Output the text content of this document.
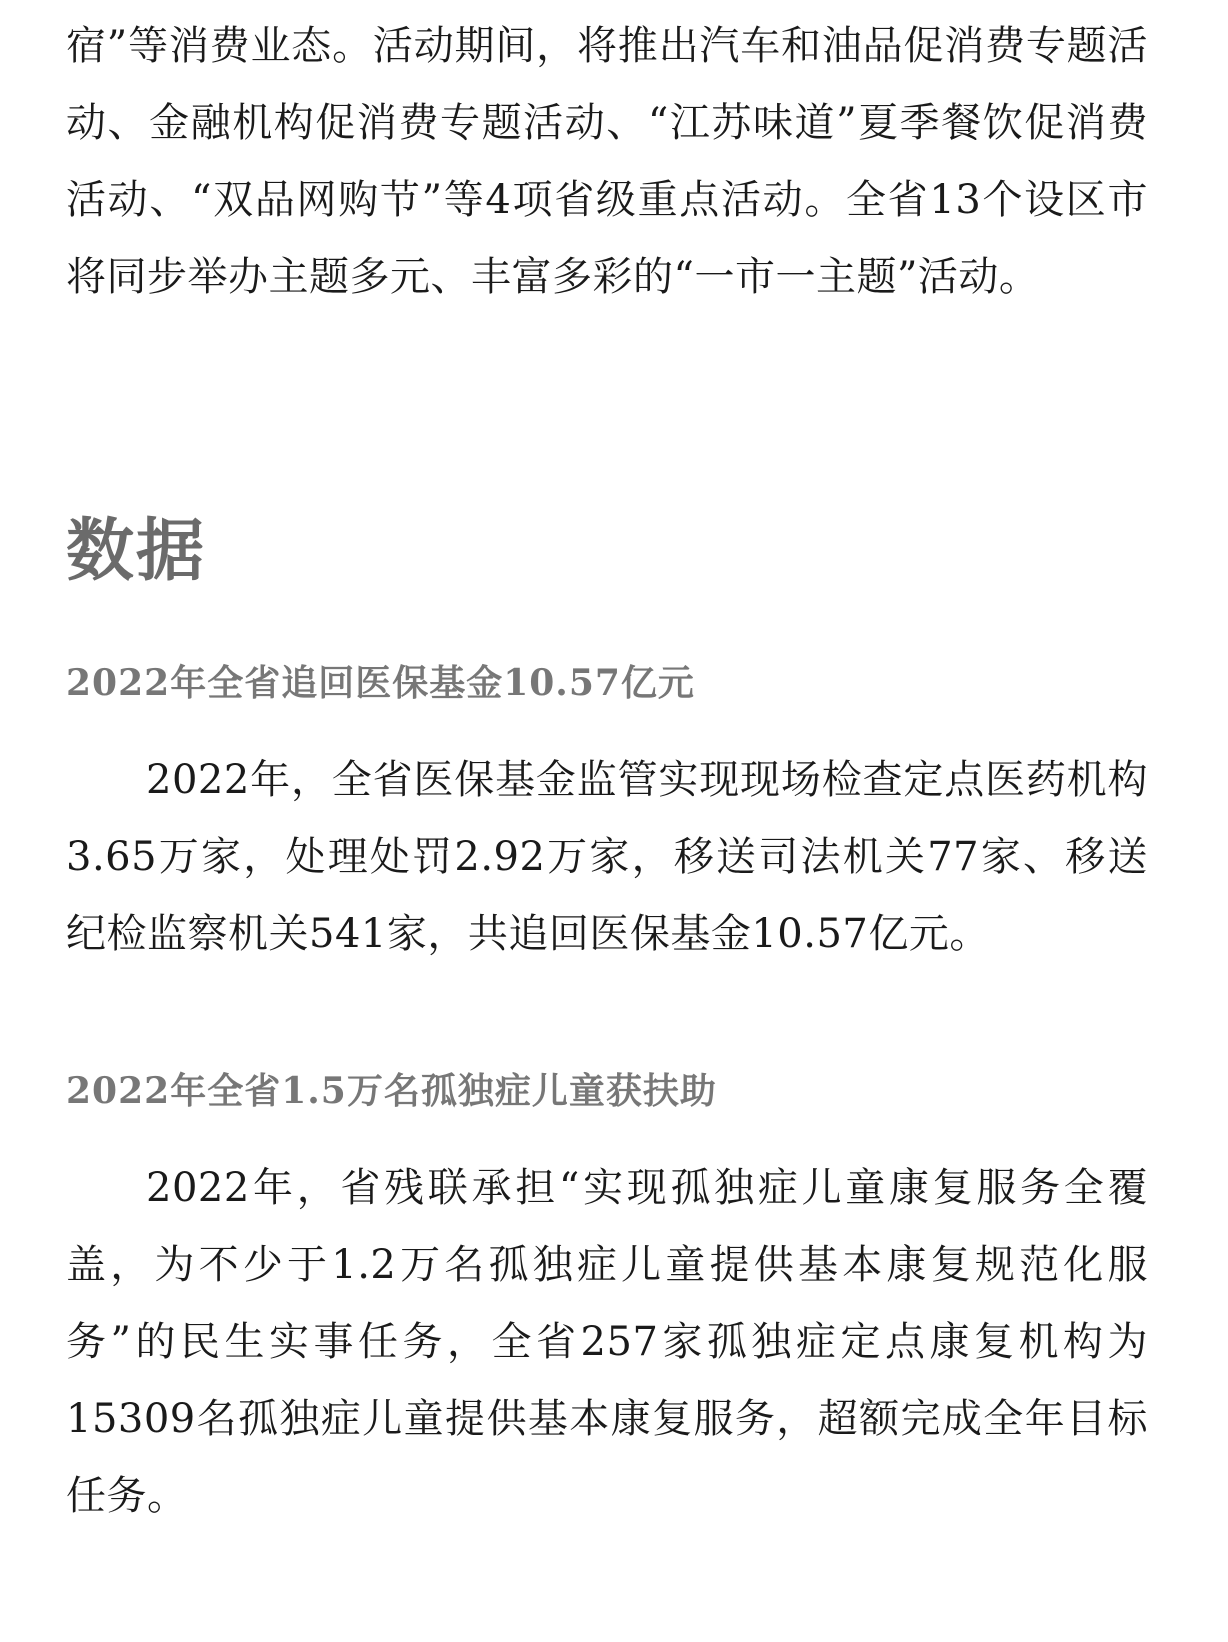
宿”等消费业态。活动期间，将推出汽车和油品促消费专题活动、金融机构促消费专题活动、“江苏味道”夏季餐饮促消费活动、“双品网购节”等4项省级重点活动。全省13个设区市将同步举办主题多元、丰富多彩的“一市一主题”活动。

数据
2022年全省追回医保基金10.57亿元

2022年，全省医保基金监管实现现场检查定点医药机构3.65万家，处理处罚2.92万家，移送司法机关77家、移送纪检监察机关541家，共追回医保基金10.57亿元。

2022年全省1.5万名孤独症儿童获扶助

2022年，省残联承担“实现孤独症儿童康复服务全覆盖，为不少于1.2万名孤独症儿童提供基本康复规范化服务”的民生实事任务，全省257家孤独症定点康复机构为15309名孤独症儿童提供基本康复服务，超额完成全年目标任务。
